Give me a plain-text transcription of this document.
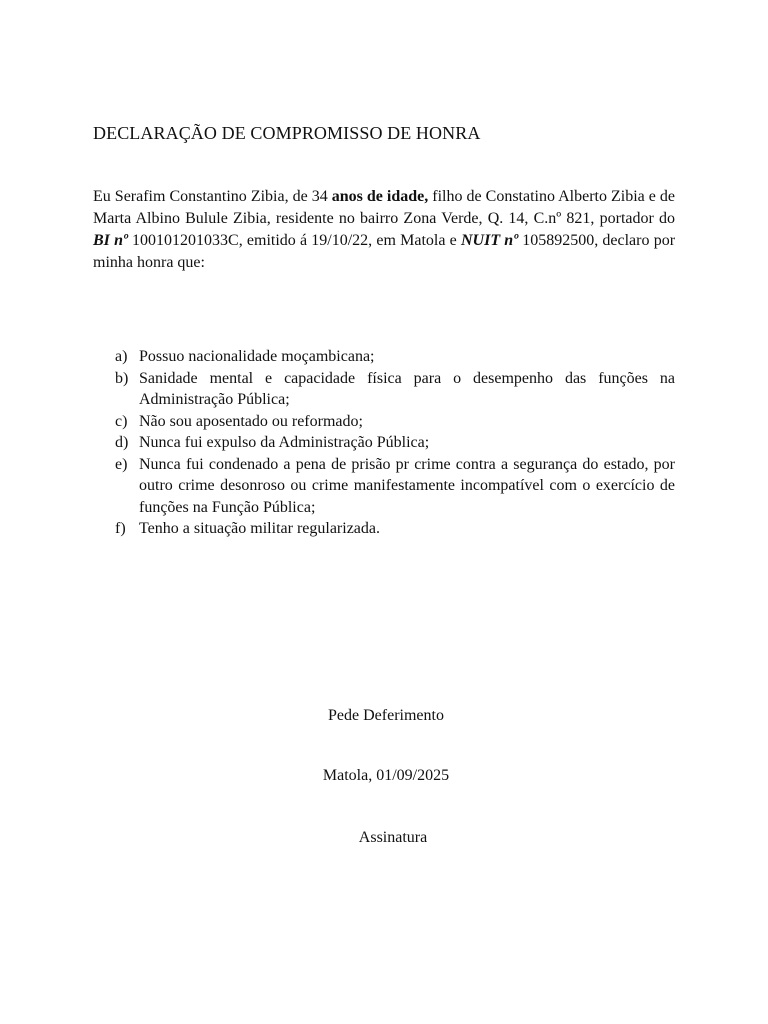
DECLARAÇÃO DE COMPROMISSO DE HONRA

Eu Serafim Constantino Zibia, de 34 anos de idade, filho de Constatino Alberto Zibia e de Marta Albino Bulule Zibia, residente no bairro Zona Verde, Q. 14, C.nº 821, portador do BI nº 100101201033C, emitido á 19/10/22, em Matola e NUIT nº 105892500, declaro por minha honra que:

a) Possuo nacionalidade moçambicana;
b) Sanidade mental e capacidade física para o desempenho das funções na Administração Pública;
c) Não sou aposentado ou reformado;
d) Nunca fui expulso da Administração Pública;
e) Nunca fui condenado a pena de prisão pr crime contra a segurança do estado, por outro crime desonroso ou crime manifestamente incompatível com o exercício de funções na Função Pública;
f) Tenho a situação militar regularizada.
Pede Deferimento
Matola, 01/09/2025
Assinatura
